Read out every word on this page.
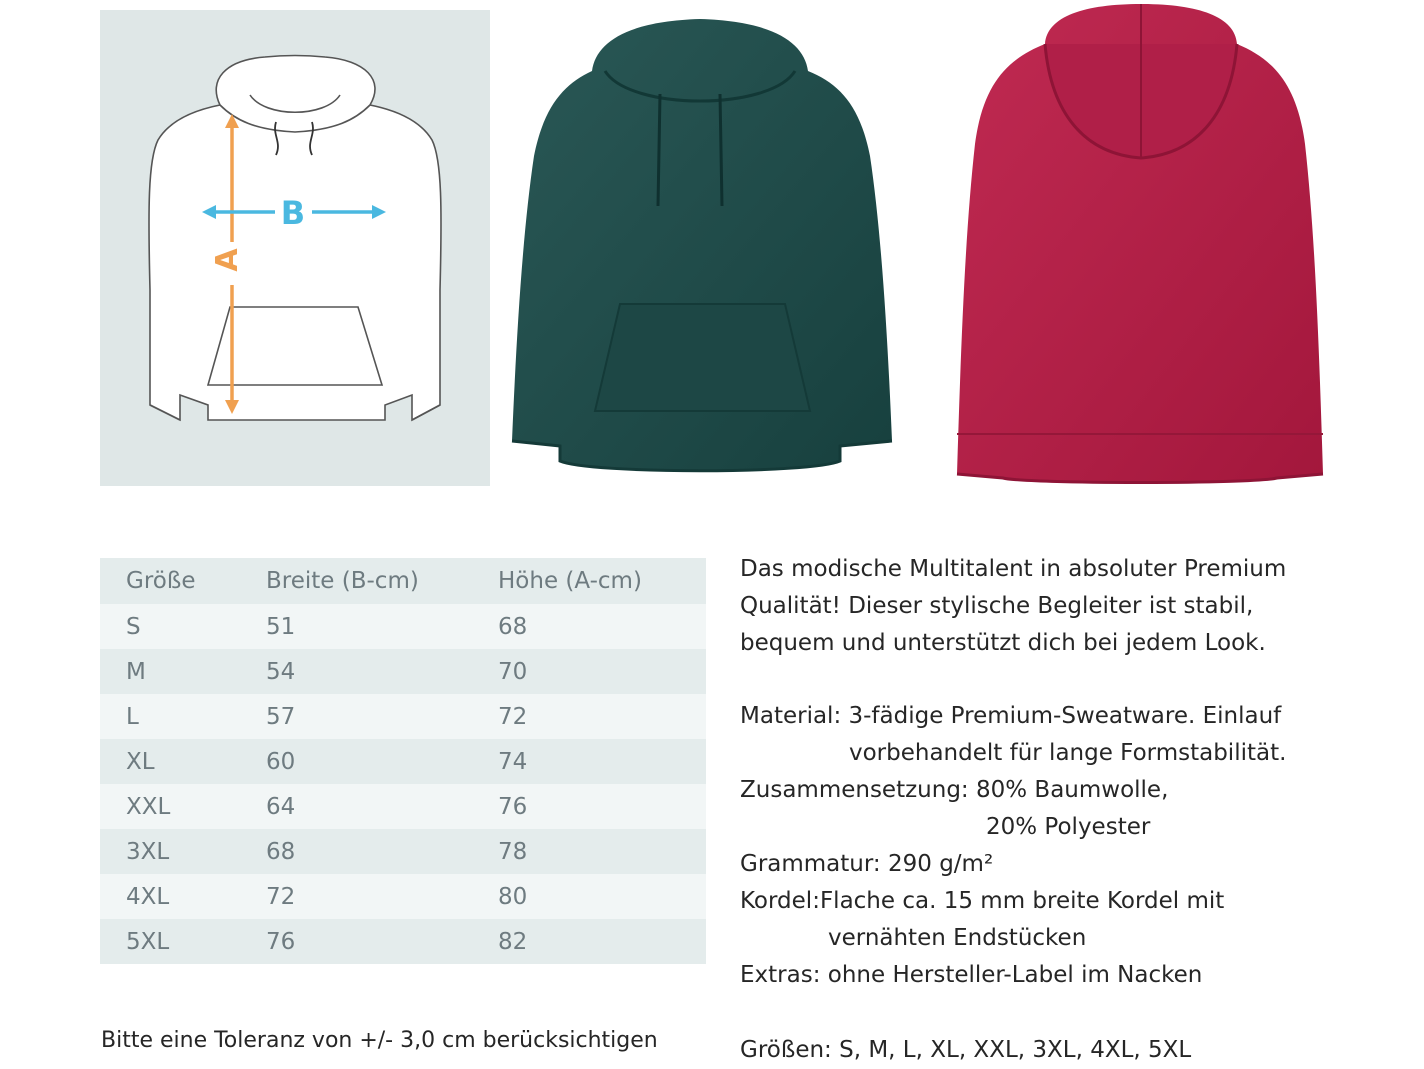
A
B
Größe	Breite (B-cm)	Höhe (A-cm)
S	51	68
M	54	70
L	57	72
XL	60	74
XXL	64	76
3XL	68	78
4XL	72	80
5XL	76	82
Bitte eine Toleranz von +/- 3,0 cm berücksichtigen
Das modische Multitalent in absoluter Premium
Qualität! Dieser stylische Begleiter ist stabil,
bequem und unterstützt dich bei jedem Look.
Material: 3-fädige Premium-Sweatware. Einlauf
vorbehandelt für lange Formstabilität.
Zusammensetzung: 80% Baumwolle,
20% Polyester
Grammatur: 290 g/m²
Kordel:Flache ca. 15 mm breite Kordel mit
vernähten Endstücken
Extras: ohne Hersteller-Label im Nacken
Größen: S, M, L, XL, XXL, 3XL, 4XL, 5XL
